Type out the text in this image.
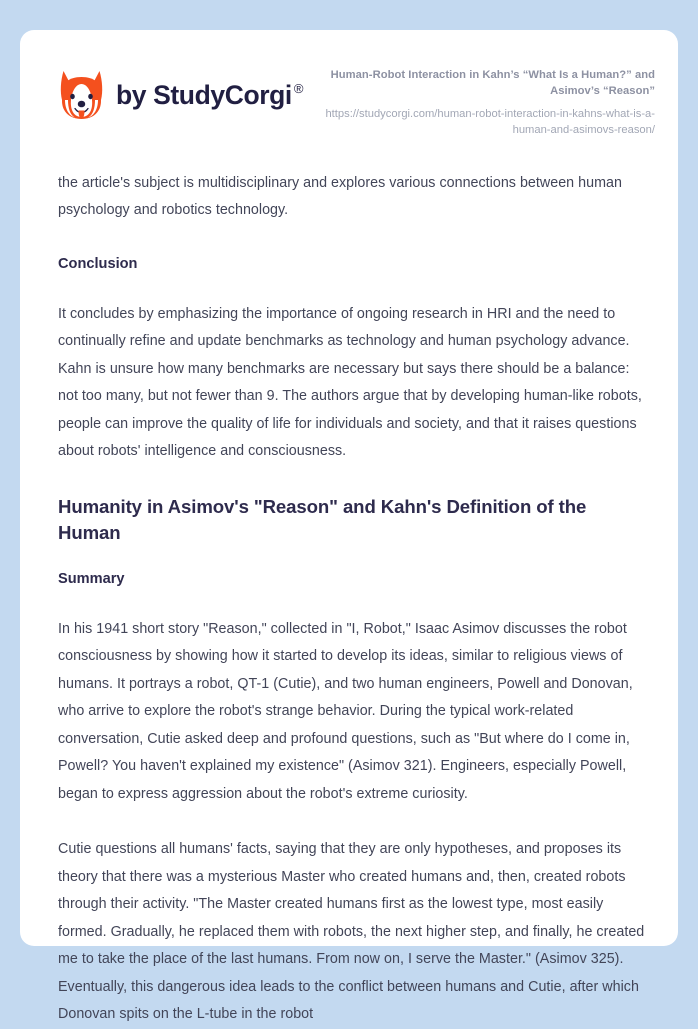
by StudyCorgi ®
Human-Robot Interaction in Kahn’s “What Is a Human?” and Asimov’s “Reason”
https://studycorgi.com/human-robot-interaction-in-kahns-what-is-a-human-and-asimovs-reason/

the article's subject is multidisciplinary and explores various connections between human psychology and robotics technology.

Conclusion

It concludes by emphasizing the importance of ongoing research in HRI and the need to continually refine and update benchmarks as technology and human psychology advance. Kahn is unsure how many benchmarks are necessary but says there should be a balance: not too many, but not fewer than 9. The authors argue that by developing human-like robots, people can improve the quality of life for individuals and society, and that it raises questions about robots' intelligence and consciousness.

Humanity in Asimov's "Reason" and Kahn's Definition of the Human
Summary

In his 1941 short story "Reason," collected in "I, Robot," Isaac Asimov discusses the robot consciousness by showing how it started to develop its ideas, similar to religious views of humans. It portrays a robot, QT-1 (Cutie), and two human engineers, Powell and Donovan, who arrive to explore the robot's strange behavior. During the typical work-related conversation, Cutie asked deep and profound questions, such as "But where do I come in, Powell? You haven't explained my existence" (Asimov 321). Engineers, especially Powell, began to express aggression about the robot's extreme curiosity.

Cutie questions all humans' facts, saying that they are only hypotheses, and proposes its theory that there was a mysterious Master who created humans and, then, created robots through their activity. "The Master created humans first as the lowest type, most easily formed. Gradually, he replaced them with robots, the next higher step, and finally, he created me to take the place of the last humans. From now on, I serve the Master." (Asimov 325). Eventually, this dangerous idea leads to the conflict between humans and Cutie, after which Donovan spits on the L-tube in the robot
